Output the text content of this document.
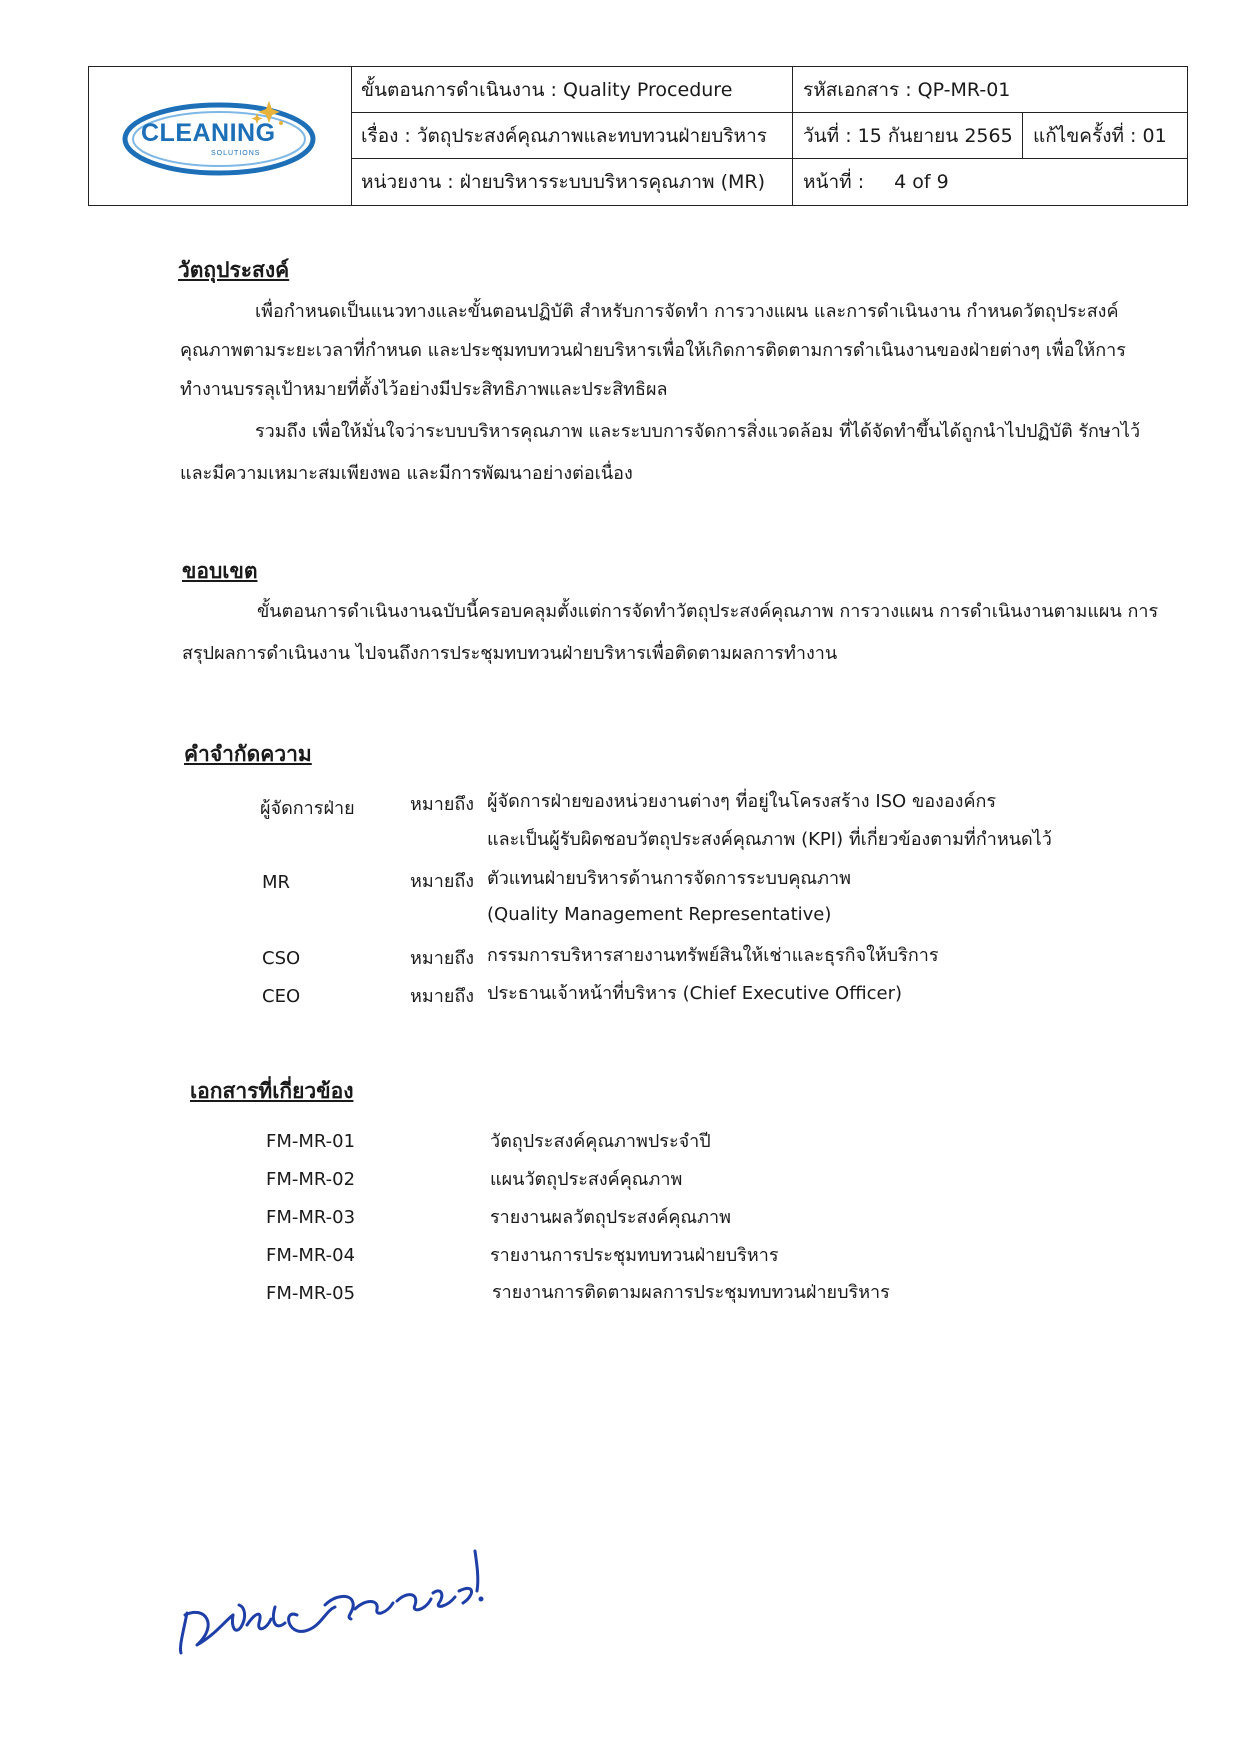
CLEANING
SOLUTIONS
ขั้นตอนการดำเนินงาน : Quality Procedure	รหัสเอกสาร : QP-MR-01
เรื่อง : วัตถุประสงค์คุณภาพและทบทวนฝ่ายบริหาร	วันที่ : 15 กันยายน 2565	แก้ไขครั้งที่ : 01
หน่วยงาน : ฝ่ายบริหารระบบบริหารคุณภาพ (MR)	หน้าที่ : 4 of 9
วัตถุประสงค์
เพื่อกำหนดเป็นแนวทางและขั้นตอนปฏิบัติ สำหรับการจัดทำ การวางแผน และการดำเนินงาน กำหนดวัตถุประสงค์
คุณภาพตามระยะเวลาที่กำหนด และประชุมทบทวนฝ่ายบริหารเพื่อให้เกิดการติดตามการดำเนินงานของฝ่ายต่างๆ เพื่อให้การ
ทำงานบรรลุเป้าหมายที่ตั้งไว้อย่างมีประสิทธิภาพและประสิทธิผล
รวมถึง เพื่อให้มั่นใจว่าระบบบริหารคุณภาพ และระบบการจัดการสิ่งแวดล้อม ที่ได้จัดทำขึ้นได้ถูกนำไปปฏิบัติ รักษาไว้
และมีความเหมาะสมเพียงพอ และมีการพัฒนาอย่างต่อเนื่อง
ขอบเขต
ขั้นตอนการดำเนินงานฉบับนี้ครอบคลุมตั้งแต่การจัดทำวัตถุประสงค์คุณภาพ การวางแผน การดำเนินงานตามแผน การ
สรุปผลการดำเนินงาน ไปจนถึงการประชุมทบทวนฝ่ายบริหารเพื่อติดตามผลการทำงาน
คำจำกัดความ
ผู้จัดการฝ่าย	หมายถึง ผู้จัดการฝ่ายของหน่วยงานต่างๆ ที่อยู่ในโครงสร้าง ISO ขององค์กร
และเป็นผู้รับผิดชอบวัตถุประสงค์คุณภาพ (KPI) ที่เกี่ยวข้องตามที่กำหนดไว้
MR	หมายถึง ตัวแทนฝ่ายบริหารด้านการจัดการระบบคุณภาพ
(Quality Management Representative)
CSO	หมายถึง กรรมการบริหารสายงานทรัพย์สินให้เช่าและธุรกิจให้บริการ
CEO	หมายถึง ประธานเจ้าหน้าที่บริหาร (Chief Executive Officer)
เอกสารที่เกี่ยวข้อง
FM-MR-01	วัตถุประสงค์คุณภาพประจำปี
FM-MR-02	แผนวัตถุประสงค์คุณภาพ
FM-MR-03	รายงานผลวัตถุประสงค์คุณภาพ
FM-MR-04	รายงานการประชุมทบทวนฝ่ายบริหาร
FM-MR-05	รายงานการติดตามผลการประชุมทบทวนฝ่ายบริหาร
